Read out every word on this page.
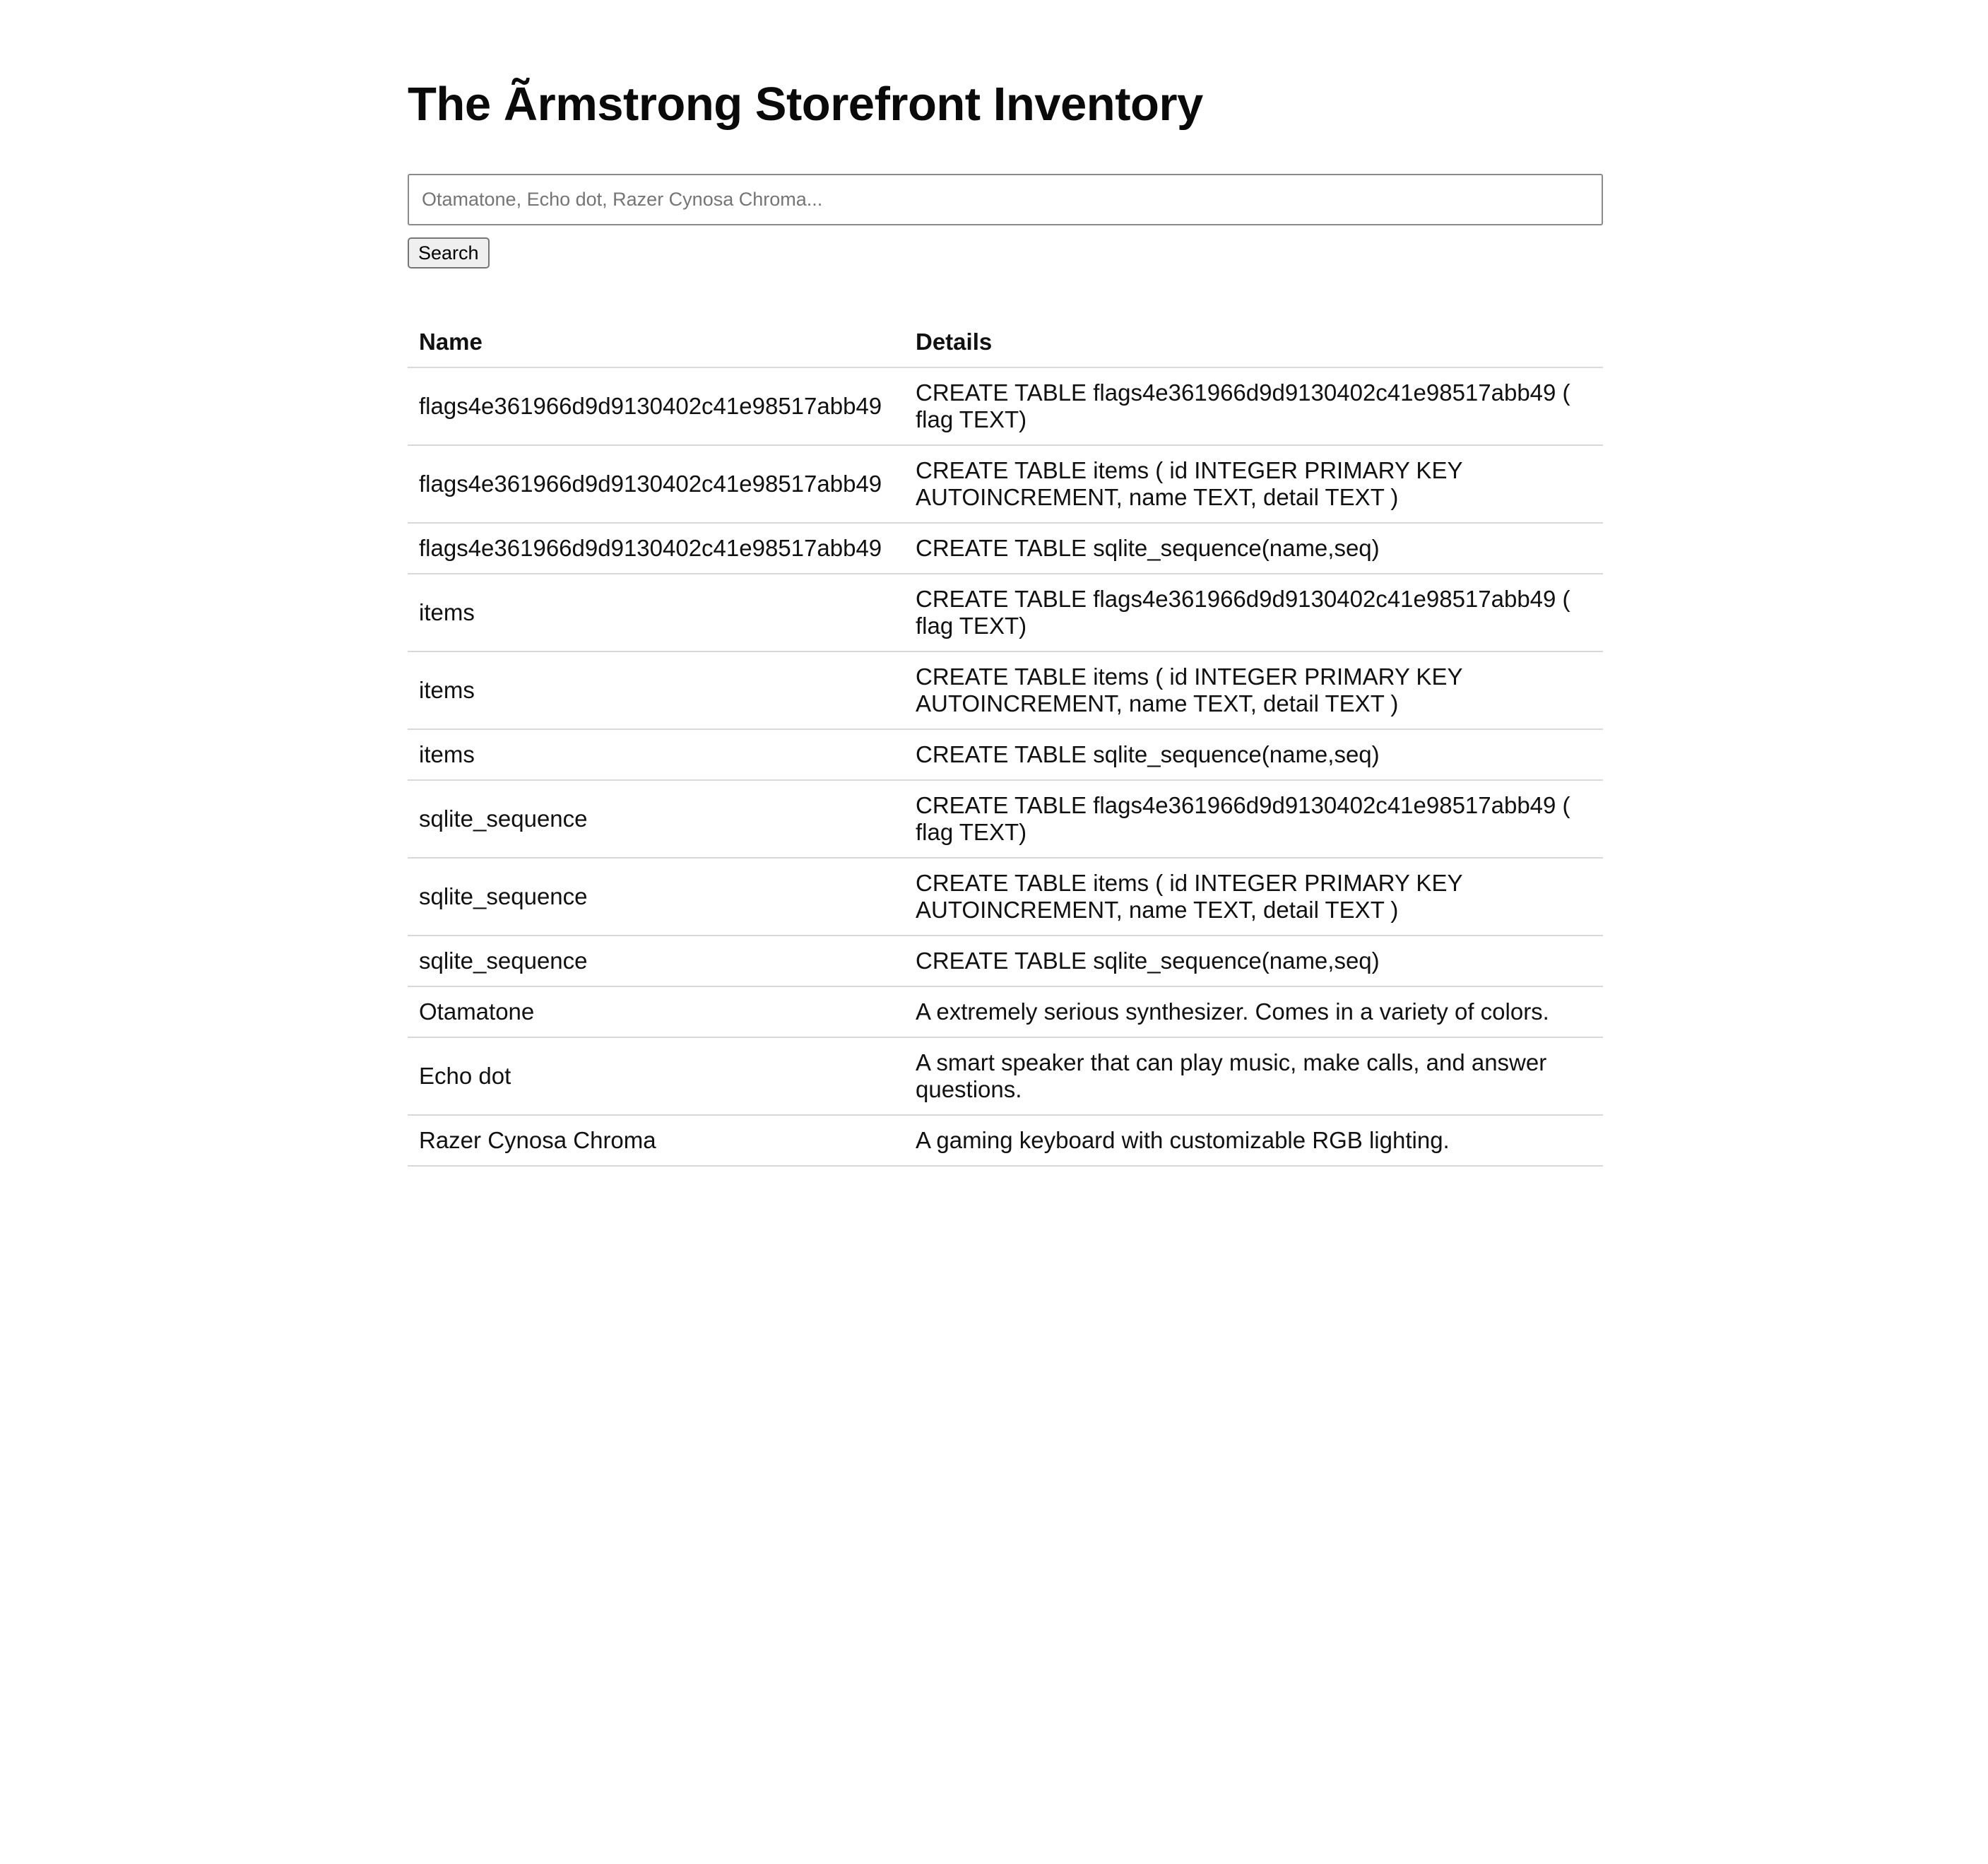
The Ãrmstrong Storefront Inventory
Otamatone, Echo dot, Razer Cynosa Chroma...
Search
Name	Details
flags4e361966d9d9130402c41e98517abb49	CREATE TABLE flags4e361966d9d9130402c41e98517abb49 ( flag TEXT)
flags4e361966d9d9130402c41e98517abb49	CREATE TABLE items ( id INTEGER PRIMARY KEY AUTOINCREMENT, name TEXT, detail TEXT )
flags4e361966d9d9130402c41e98517abb49	CREATE TABLE sqlite_sequence(name,seq)
items	CREATE TABLE flags4e361966d9d9130402c41e98517abb49 ( flag TEXT)
items	CREATE TABLE items ( id INTEGER PRIMARY KEY AUTOINCREMENT, name TEXT, detail TEXT )
items	CREATE TABLE sqlite_sequence(name,seq)
sqlite_sequence	CREATE TABLE flags4e361966d9d9130402c41e98517abb49 ( flag TEXT)
sqlite_sequence	CREATE TABLE items ( id INTEGER PRIMARY KEY AUTOINCREMENT, name TEXT, detail TEXT )
sqlite_sequence	CREATE TABLE sqlite_sequence(name,seq)
Otamatone	A extremely serious synthesizer. Comes in a variety of colors.
Echo dot	A smart speaker that can play music, make calls, and answer questions.
Razer Cynosa Chroma	A gaming keyboard with customizable RGB lighting.
